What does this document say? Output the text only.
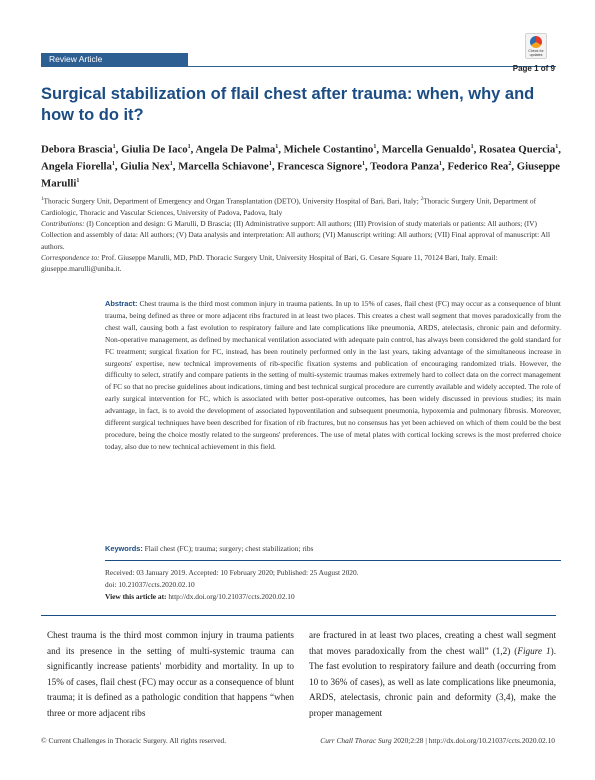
Review Article
Check for updates
Page 1 of 9
Surgical stabilization of flail chest after trauma: when, why and how to do it?
Debora Brascia$^1$, Giulia De Iaco$^1$, Angela De Palma$^1$, Michele Costantino$^1$, Marcella Genualdo$^1$, Rosatea Quercia$^1$, Angela Fiorella$^1$, Giulia Nex$^1$, Marcella Schiavone$^1$, Francesca Signore$^1$, Teodora Panza$^1$, Federico Rea$^2$, Giuseppe Marulli$^1$
$^1$Thoracic Surgery Unit, Department of Emergency and Organ Transplantation (DETO), University Hospital of Bari, Bari, Italy; $^2$Thoracic Surgery Unit, Department of Cardiologic, Thoracic and Vascular Sciences, University of Padova, Padova, Italy
Contributions: (I) Conception and design: G Marulli, D Brascia; (II) Administrative support: All authors; (III) Provision of study materials or patients: All authors; (IV) Collection and assembly of data: All authors; (V) Data analysis and interpretation: All authors; (VI) Manuscript writing: All authors; (VII) Final approval of manuscript: All authors.
Correspondence to: Prof. Giuseppe Marulli, MD, PhD. Thoracic Surgery Unit, University Hospital of Bari, G. Cesare Square 11, 70124 Bari, Italy. Email: giuseppe.marulli@uniba.it.
Abstract: Chest trauma is the third most common injury in trauma patients. In up to 15% of cases, flail chest (FC) may occur as a consequence of blunt trauma, being defined as three or more adjacent ribs fractured in at least two places. This creates a chest wall segment that moves paradoxically from the chest wall, causing both a fast evolution to respiratory failure and late complications like pneumonia, ARDS, atelectasis, chronic pain and deformity. Non-operative management, as defined by mechanical ventilation associated with adequate pain control, has always been considered the gold standard for FC treatment; surgical fixation for FC, instead, has been routinely performed only in the last years, taking advantage of the simultaneous increase in surgeons' expertise, new technical improvements of rib-specific fixation systems and publication of encouraging randomized trials. However, the difficulty to select, stratify and compare patients in the setting of multi-systemic traumas makes extremely hard to collect data on the correct management of FC so that no precise guidelines about indications, timing and best technical surgical procedure are currently available and widely accepted. The role of early surgical intervention for FC, which is associated with better post-operative outcomes, has been widely discussed in previous studies; its main advantage, in fact, is to avoid the development of associated hypoventilation and subsequent pneumonia, hypoxemia and pulmonary fibrosis. Moreover, different surgical techniques have been described for fixation of rib fractures, but no consensus has yet been achieved on which of them could be the best procedure, being the choice mostly related to the surgeons' preferences. The use of metal plates with cortical locking screws is the most preferred choice today, also due to new technical achievement in this field.
Keywords: Flail chest (FC); trauma; surgery; chest stabilization; ribs
Received: 03 January 2019. Accepted: 10 February 2020; Published: 25 August 2020.
doi: 10.21037/ccts.2020.02.10
View this article at: http://dx.doi.org/10.21037/ccts.2020.02.10
Chest trauma is the third most common injury in trauma patients and its presence in the setting of multi-systemic trauma can significantly increase patients' morbidity and mortality. In up to 15% of cases, flail chest (FC) may occur as a consequence of blunt trauma; it is defined as a pathologic condition that happens “when three or more adjacent ribs
are fractured in at least two places, creating a chest wall segment that moves paradoxically from the chest wall” (1,2) (Figure 1). The fast evolution to respiratory failure and death (occurring from 10 to 36% of cases), as well as late complications like pneumonia, ARDS, atelectasis, chronic pain and deformity (3,4), make the proper management
© Current Challenges in Thoracic Surgery. All rights reserved.	Curr Chall Thorac Surg 2020;2:28 | http://dx.doi.org/10.21037/ccts.2020.02.10
